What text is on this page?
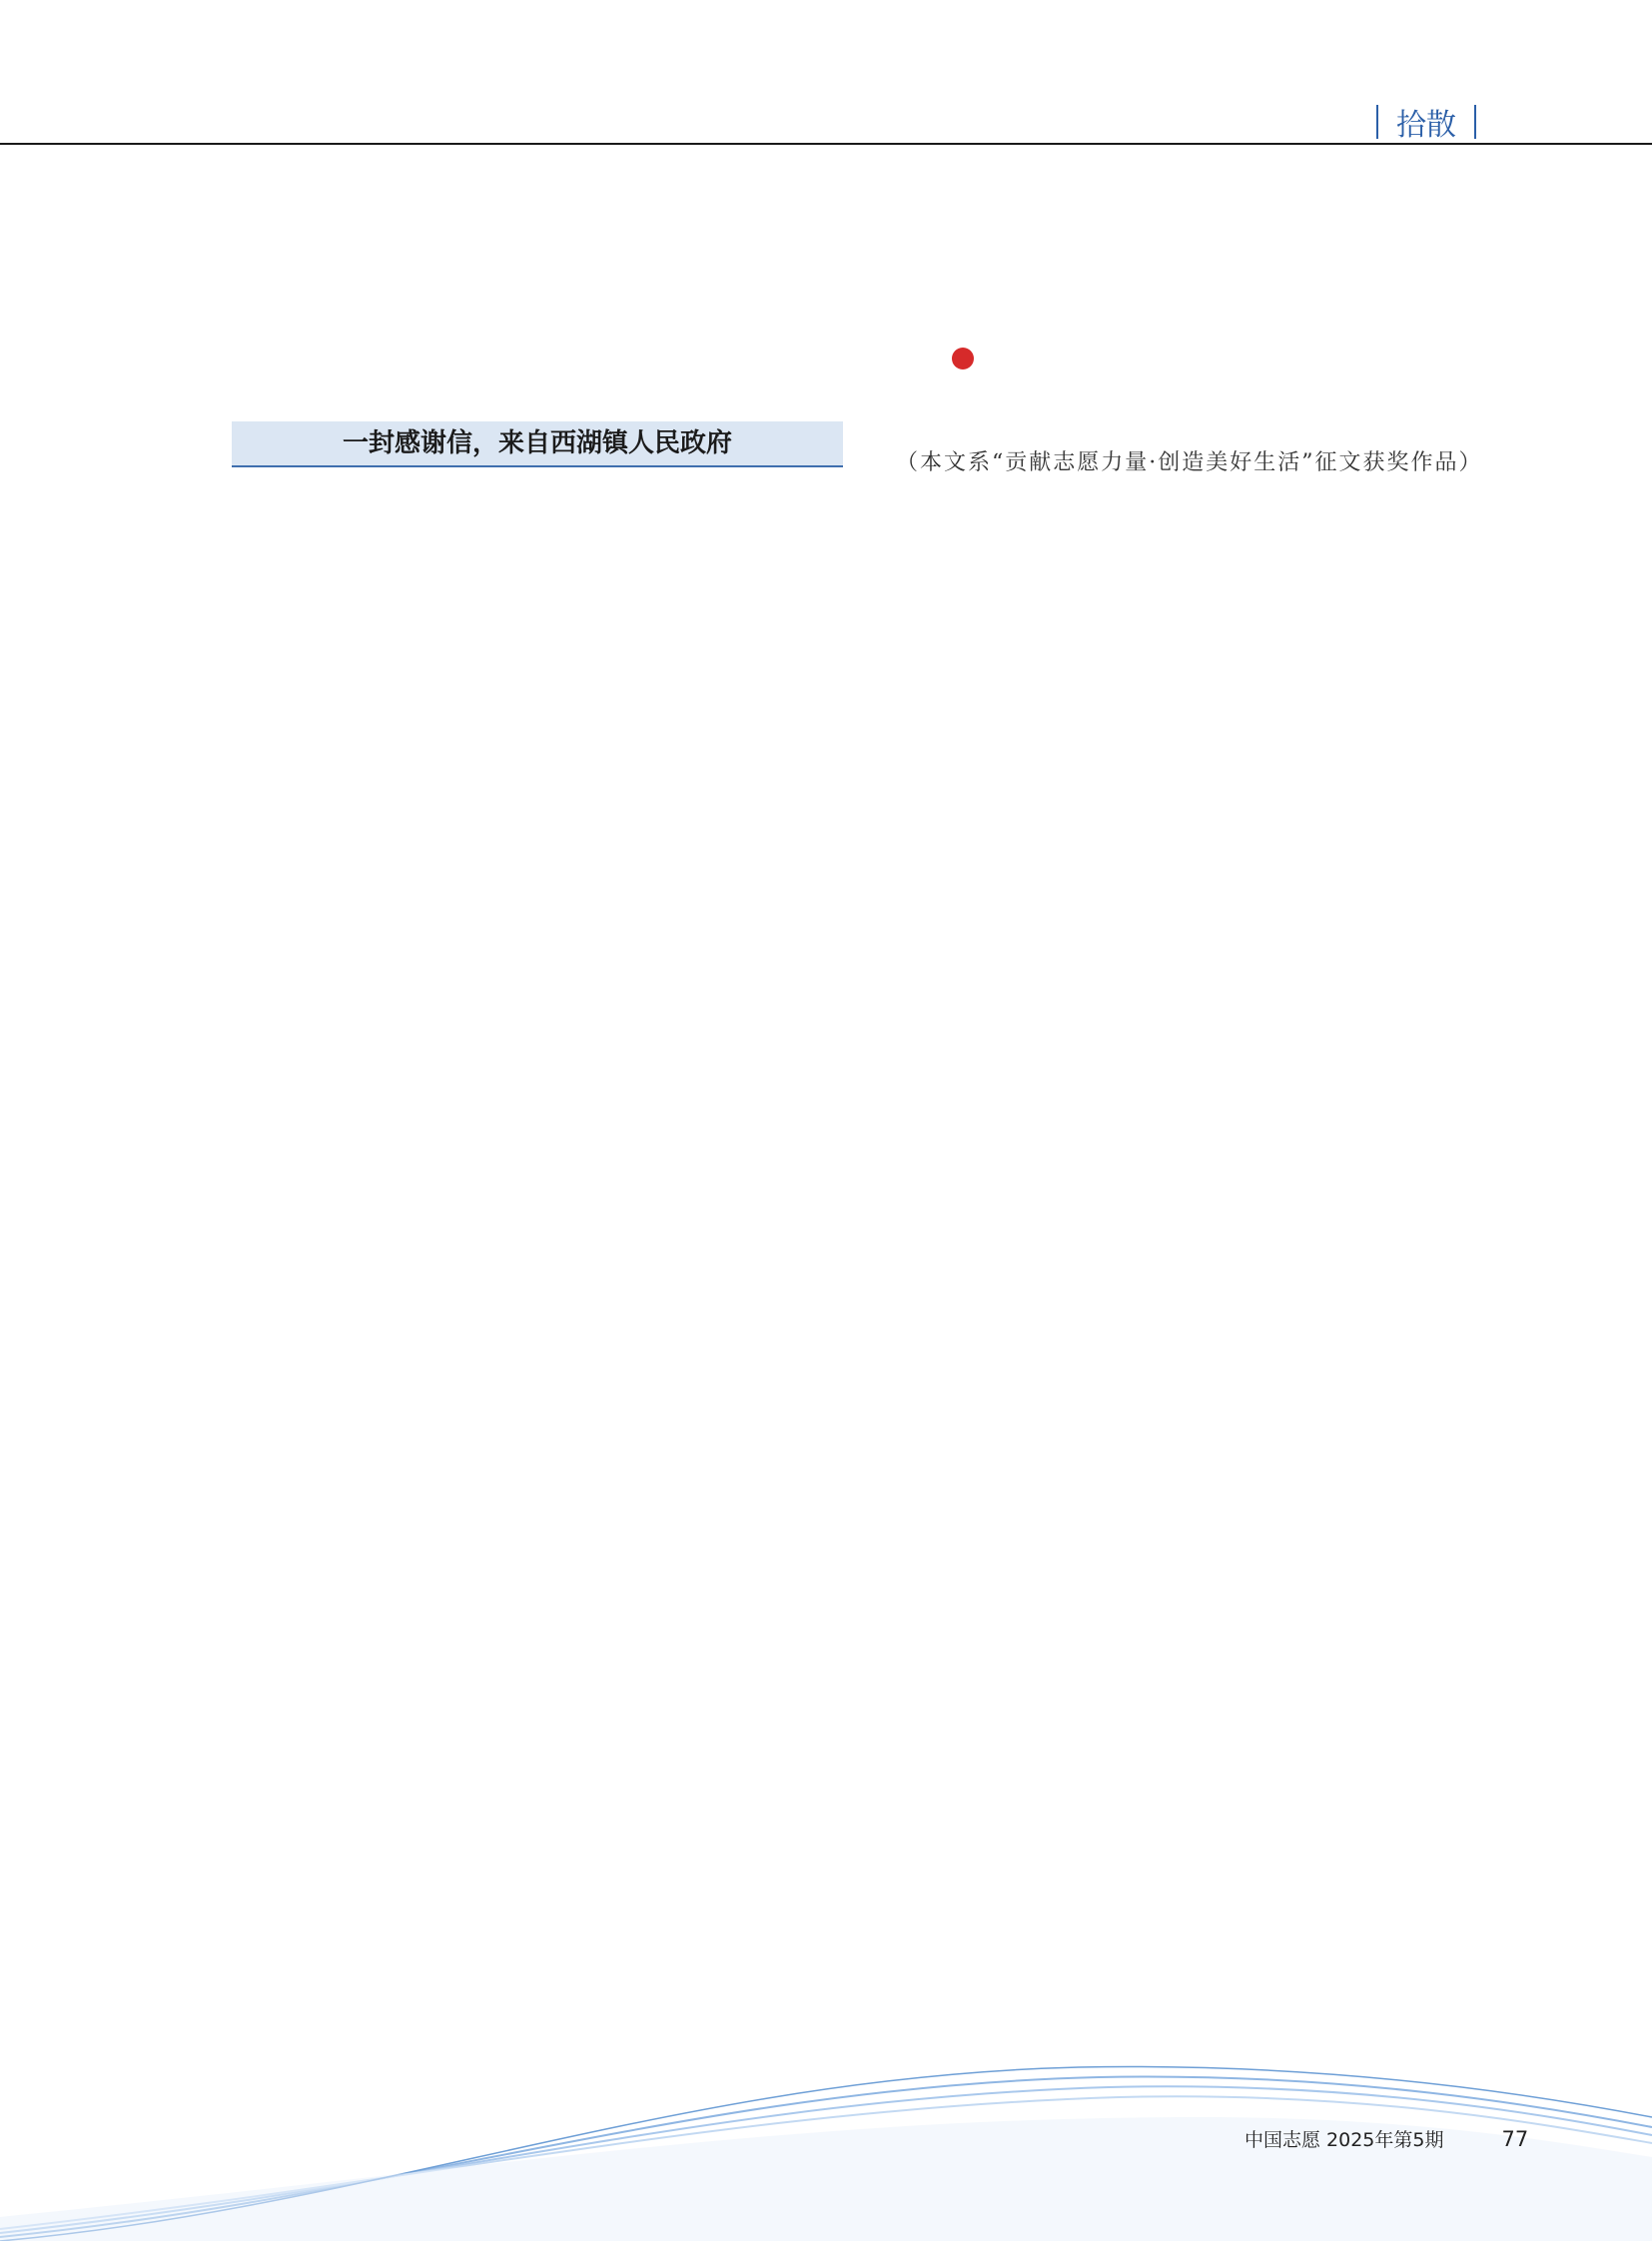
拾散

一封感谢信，来自西湖镇人民政府

志

（本文系“贡献志愿力量·创造美好生活”征文获奖作品）
中国志愿 2025年第5期	77
